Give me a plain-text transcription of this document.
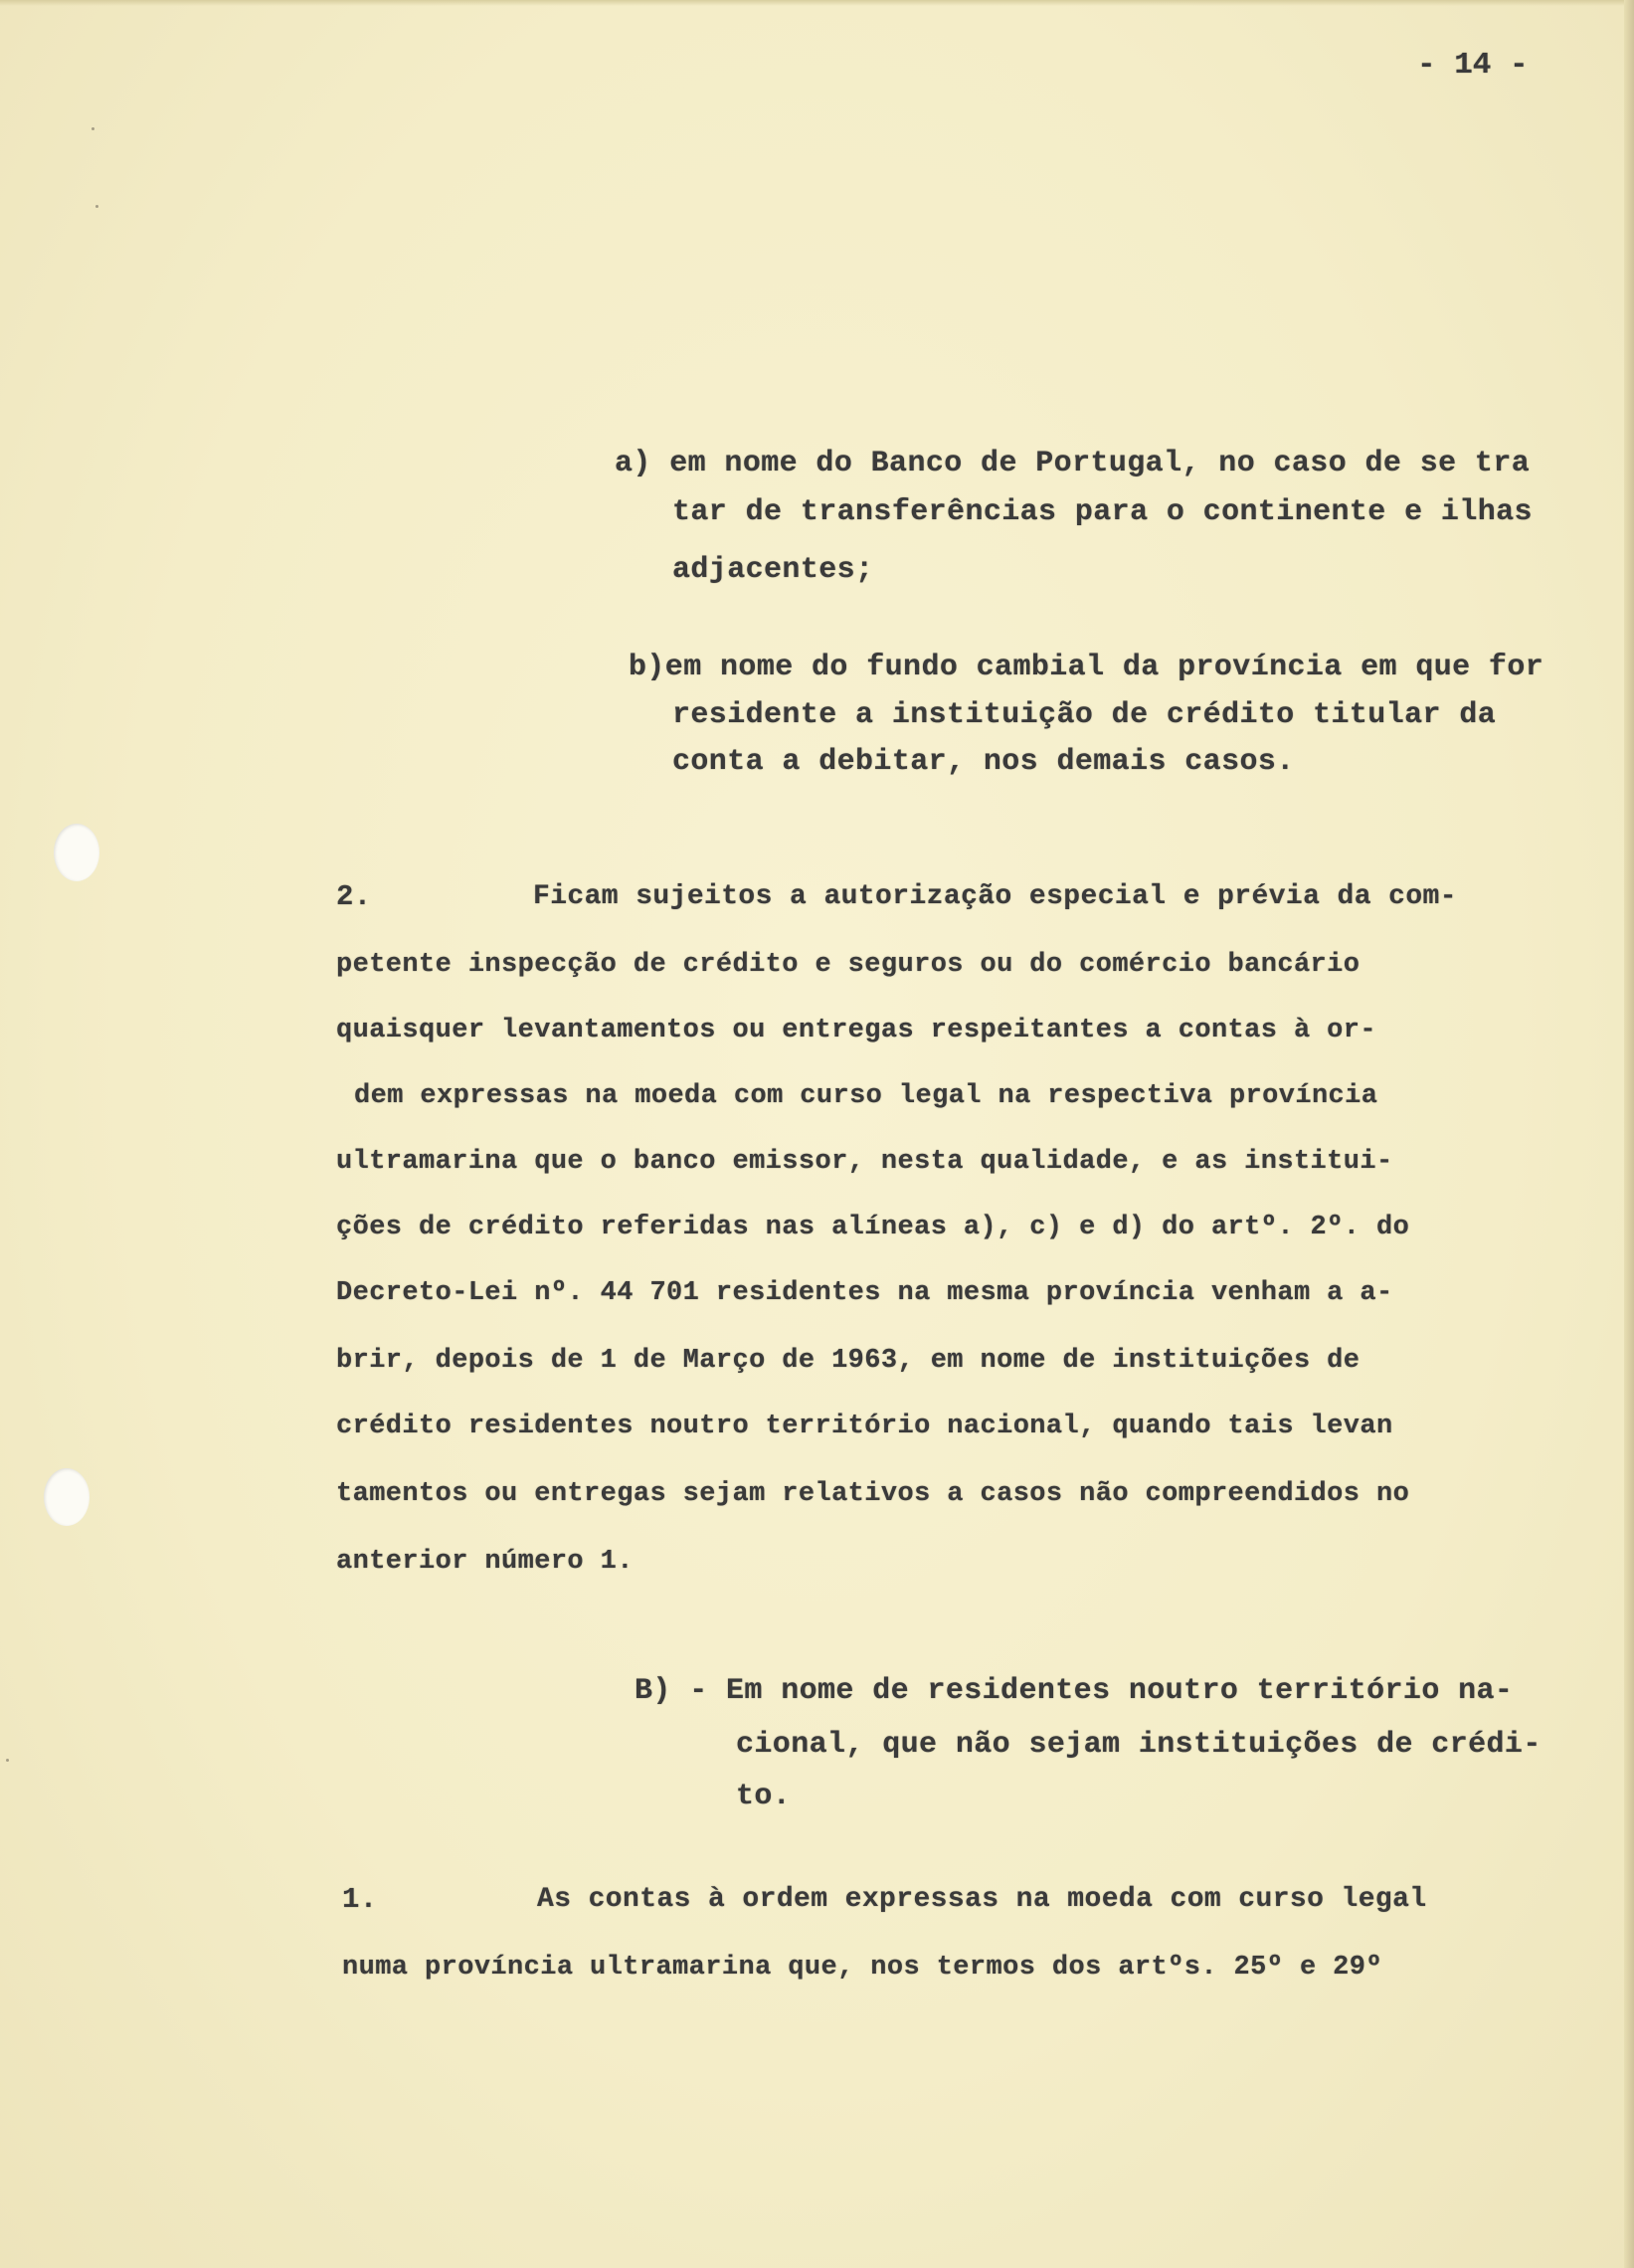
- 14 -
a) em nome do Banco de Portugal, no caso de se tra
tar de transferências para o continente e ilhas
adjacentes;
b)em nome do fundo cambial da província em que for
residente a instituição de crédito titular da
conta a debitar, nos demais casos.
2.	Ficam sujeitos a autorização especial e prévia da com-
petente inspecção de crédito e seguros ou do comércio bancário
quaisquer levantamentos ou entregas respeitantes a contas à or-
dem expressas na moeda com curso legal na respectiva província
ultramarina que o banco emissor, nesta qualidade, e as institui-
ções de crédito referidas nas alíneas a), c) e d) do artº. 2º. do
Decreto-Lei nº. 44 701 residentes na mesma província venham a a-
brir, depois de 1 de Março de 1963, em nome de instituições de
crédito residentes noutro território nacional, quando tais levan
tamentos ou entregas sejam relativos a casos não compreendidos no
anterior número 1.
B) - Em nome de residentes noutro território na-
cional, que não sejam instituições de crédi-
to.
1.	As contas à ordem expressas na moeda com curso legal
numa província ultramarina que, nos termos dos artºs. 25º e 29º
